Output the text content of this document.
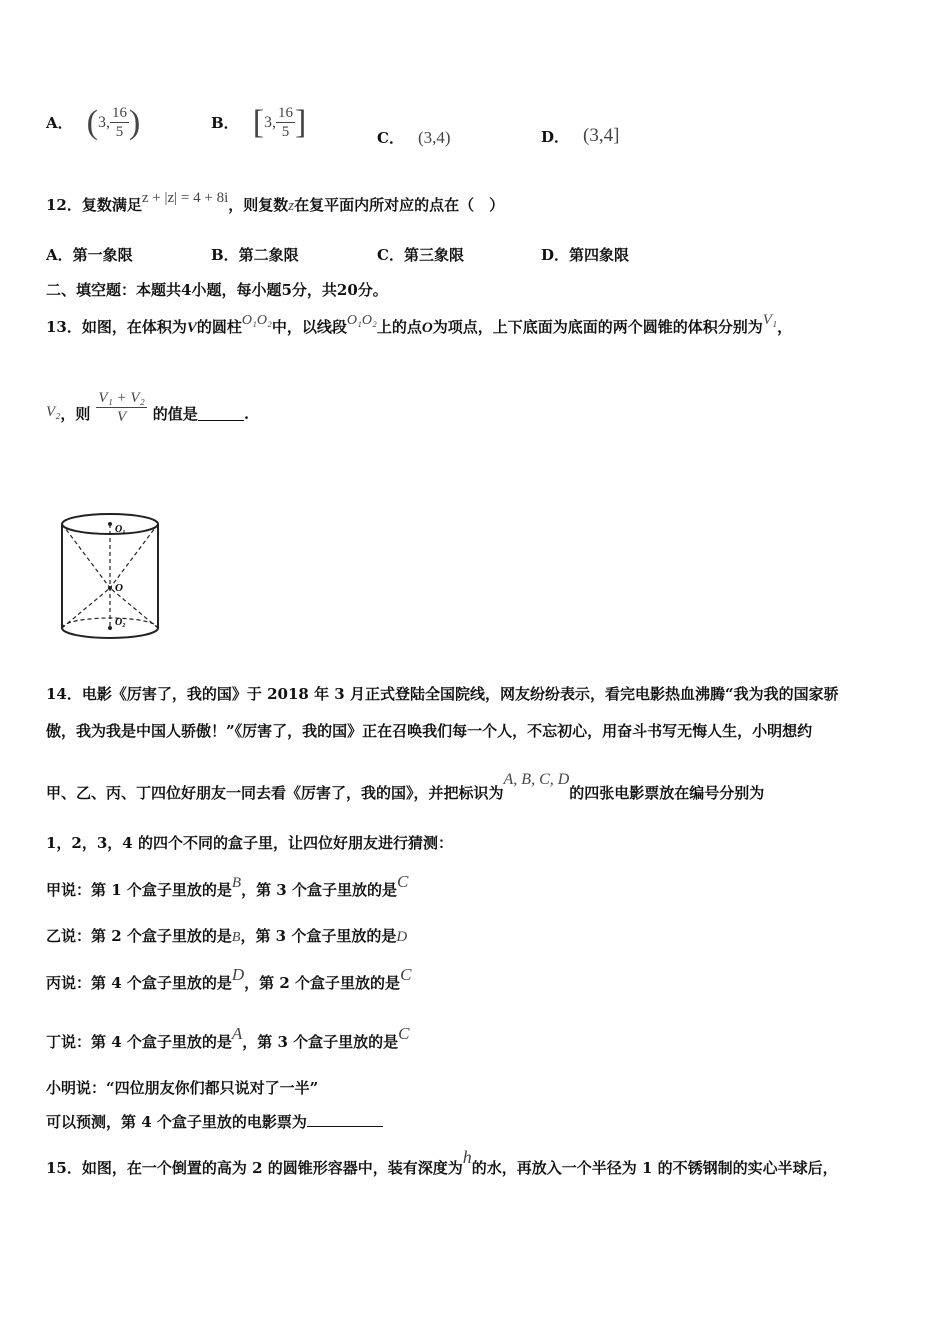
A． ( 3, $\frac{16}{5}$ )	B． [ 3, $\frac{16}{5}$ ]	C． (3,4)	D． (3,4]
12．复数满足z + |z| = 4 + 8i，则复数z在复平面内所对应的点在（　）
A．第一象限	B．第二象限	C．第三象限	D．第四象限
二、填空题：本题共4小题，每小题5分，共20分。
13．如图，在体积为V的圆柱O₁O₂中，以线段O₁O₂上的点O为项点，上下底面为底面的两个圆锥的体积分别为V₁，
V₂ ，则 $\frac{\text{V₁ + V₂}}{V}$ 的值是	.
O₁
O
O₂
14．电影《厉害了，我的国》于 2018 年 3 月正式登陆全国院线，网友纷纷表示，看完电影热血沸腾“我为我的国家骄
傲，我为我是中国人骄傲！”《厉害了，我的国》正在召唤我们每一个人，不忘初心，用奋斗书写无悔人生，小明想约
甲、乙、丙、丁四位好朋友一同去看《厉害了，我的国》，并把标识为A, B, C, D的四张电影票放在编号分别为
1，2，3，4 的四个不同的盒子里，让四位好朋友进行猜测：
甲说：第 1 个盒子里放的是B，第 3 个盒子里放的是C
乙说：第 2 个盒子里放的是B，第 3 个盒子里放的是D
丙说：第 4 个盒子里放的是D，第 2 个盒子里放的是C
丁说：第 4 个盒子里放的是A，第 3 个盒子里放的是C
小明说：“四位朋友你们都只说对了一半”
可以预测，第 4 个盒子里放的电影票为
15．如图，在一个倒置的高为 2 的圆锥形容器中，装有深度为h的水，再放入一个半径为 1 的不锈钢制的实心半球后，
